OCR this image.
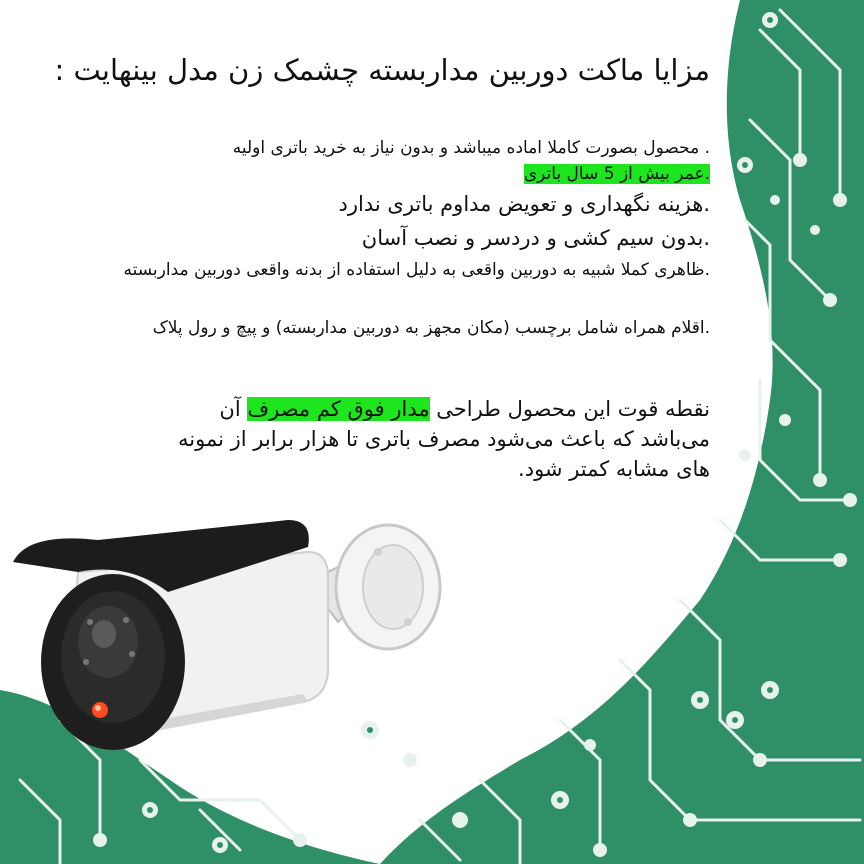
مزایا ماکت دوربین مداربسته چشمک زن مدل بینهایت :
. محصول بصورت کاملا اماده میباشد و بدون نیاز به خرید باتری اولیه
.عمر بیش از 5 سال باتری
.هزینه نگهداری و تعویض مداوم باتری ندارد
.بدون سیم کشی و دردسر و نصب آسان
.ظاهری کملا شبیه به دوربین واقعی به دلیل استفاده از بدنه واقعی دوربین مداربسته
.اقلام همراه شامل برچسب (مکان مجهز به دوربین مداربسته) و پیچ و رول پلاک
نقطه قوت این محصول طراحی مدار فوق کم مصرف آن می‌باشد که باعث می‌شود مصرف باتری تا هزار برابر از نمونه های مشابه کمتر شود.
